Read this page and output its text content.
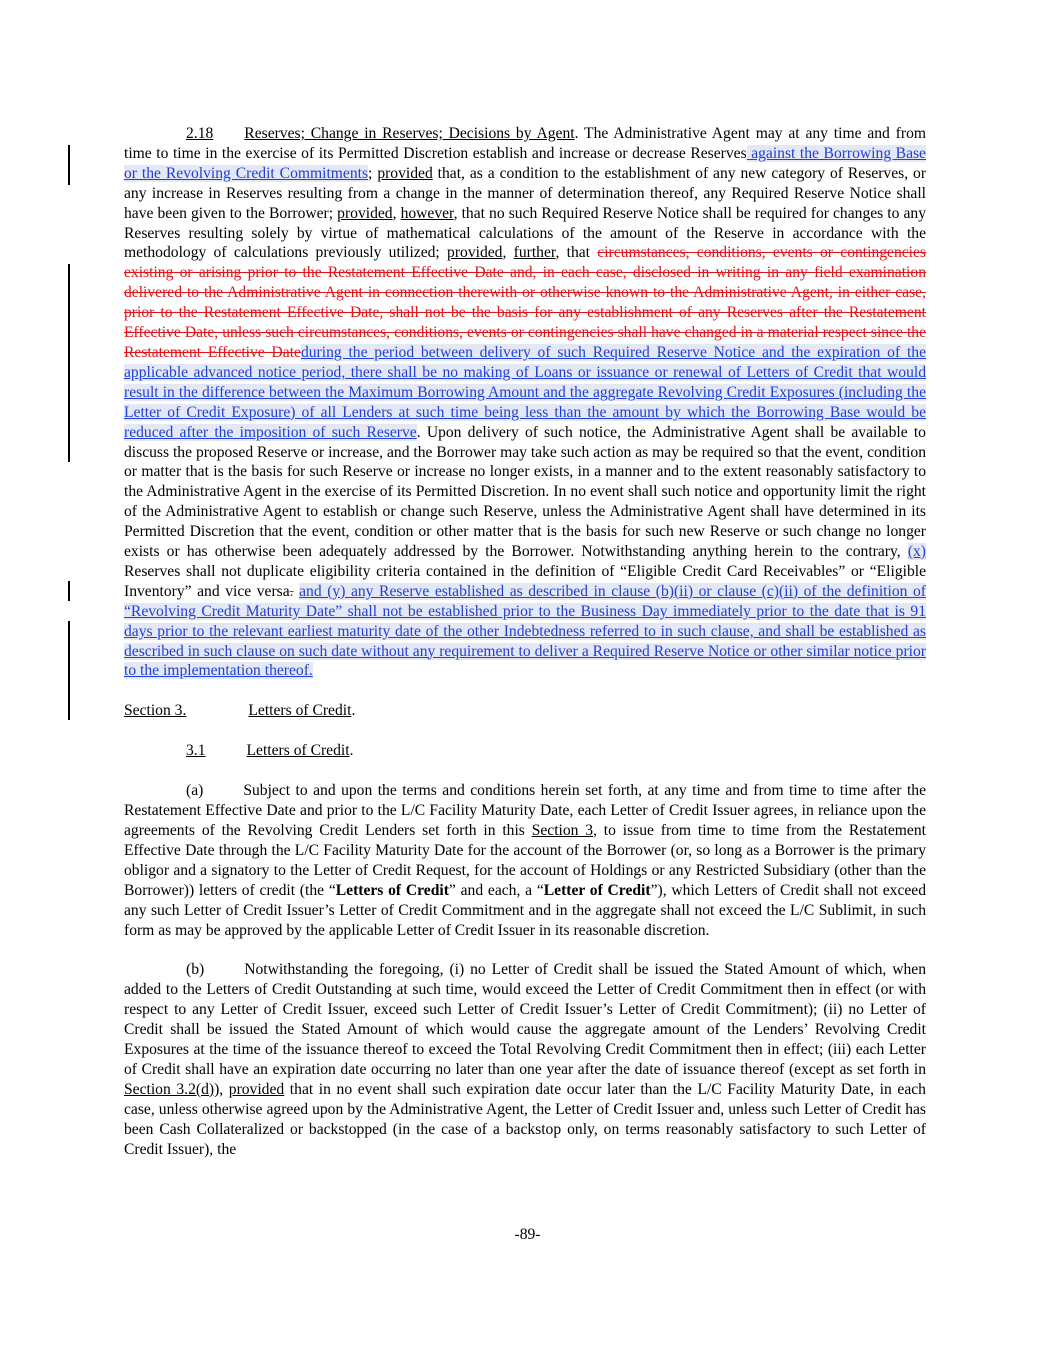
2.18 Reserves; Change in Reserves; Decisions by Agent. The Administrative Agent may at any time and from time to time in the exercise of its Permitted Discretion establish and increase or decrease Reserves against the Borrowing Base or the Revolving Credit Commitments; provided that, as a condition to the establishment of any new category of Reserves, or any increase in Reserves resulting from a change in the manner of determination thereof, any Required Reserve Notice shall have been given to the Borrower; provided, however, that no such Required Reserve Notice shall be required for changes to any Reserves resulting solely by virtue of mathematical calculations of the amount of the Reserve in accordance with the methodology of calculations previously utilized; provided, further, that circumstances, conditions, events or contingencies existing or arising prior to the Restatement Effective Date and, in each case, disclosed in writing in any field examination delivered to the Administrative Agent in connection therewith or otherwise known to the Administrative Agent, in either case, prior to the Restatement Effective Date, shall not be the basis for any establishment of any Reserves after the Restatement Effective Date, unless such circumstances, conditions, events or contingencies shall have changed in a material respect since the Restatement Effective Dateduring the period between delivery of such Required Reserve Notice and the expiration of the applicable advanced notice period, there shall be no making of Loans or issuance or renewal of Letters of Credit that would result in the difference between the Maximum Borrowing Amount and the aggregate Revolving Credit Exposures (including the Letter of Credit Exposure) of all Lenders at such time being less than the amount by which the Borrowing Base would be reduced after the imposition of such Reserve. Upon delivery of such notice, the Administrative Agent shall be available to discuss the proposed Reserve or increase, and the Borrower may take such action as may be required so that the event, condition or matter that is the basis for such Reserve or increase no longer exists, in a manner and to the extent reasonably satisfactory to the Administrative Agent in the exercise of its Permitted Discretion. In no event shall such notice and opportunity limit the right of the Administrative Agent to establish or change such Reserve, unless the Administrative Agent shall have determined in its Permitted Discretion that the event, condition or other matter that is the basis for such new Reserve or such change no longer exists or has otherwise been adequately addressed by the Borrower. Notwithstanding anything herein to the contrary, (x) Reserves shall not duplicate eligibility criteria contained in the definition of “Eligible Credit Card Receivables” or “Eligible Inventory” and vice versa. and (y) any Reserve established as described in clause (b)(ii) or clause (c)(ii) of the definition of “Revolving Credit Maturity Date” shall not be established prior to the Business Day immediately prior to the date that is 91 days prior to the relevant earliest maturity date of the other Indebtedness referred to in such clause, and shall be established as described in such clause on such date without any requirement to deliver a Required Reserve Notice or other similar notice prior to the implementation thereof.

Section 3.	Letters of Credit.

3.1	Letters of Credit.

(a)	Subject to and upon the terms and conditions herein set forth, at any time and from time to time after the Restatement Effective Date and prior to the L/C Facility Maturity Date, each Letter of Credit Issuer agrees, in reliance upon the agreements of the Revolving Credit Lenders set forth in this Section 3, to issue from time to time from the Restatement Effective Date through the L/C Facility Maturity Date for the account of the Borrower (or, so long as a Borrower is the primary obligor and a signatory to the Letter of Credit Request, for the account of Holdings or any Restricted Subsidiary (other than the Borrower)) letters of credit (the “Letters of Credit” and each, a “Letter of Credit”), which Letters of Credit shall not exceed any such Letter of Credit Issuer’s Letter of Credit Commitment and in the aggregate shall not exceed the L/C Sublimit, in such form as may be approved by the applicable Letter of Credit Issuer in its reasonable discretion.

(b)	Notwithstanding the foregoing, (i) no Letter of Credit shall be issued the Stated Amount of which, when added to the Letters of Credit Outstanding at such time, would exceed the Letter of Credit Commitment then in effect (or with respect to any Letter of Credit Issuer, exceed such Letter of Credit Issuer’s Letter of Credit Commitment); (ii) no Letter of Credit shall be issued the Stated Amount of which would cause the aggregate amount of the Lenders’ Revolving Credit Exposures at the time of the issuance thereof to exceed the Total Revolving Credit Commitment then in effect; (iii) each Letter of Credit shall have an expiration date occurring no later than one year after the date of issuance thereof (except as set forth in Section 3.2(d)), provided that in no event shall such expiration date occur later than the L/C Facility Maturity Date, in each case, unless otherwise agreed upon by the Administrative Agent, the Letter of Credit Issuer and, unless such Letter of Credit has been Cash Collateralized or backstopped (in the case of a backstop only, on terms reasonably satisfactory to such Letter of Credit Issuer), the

-89-
